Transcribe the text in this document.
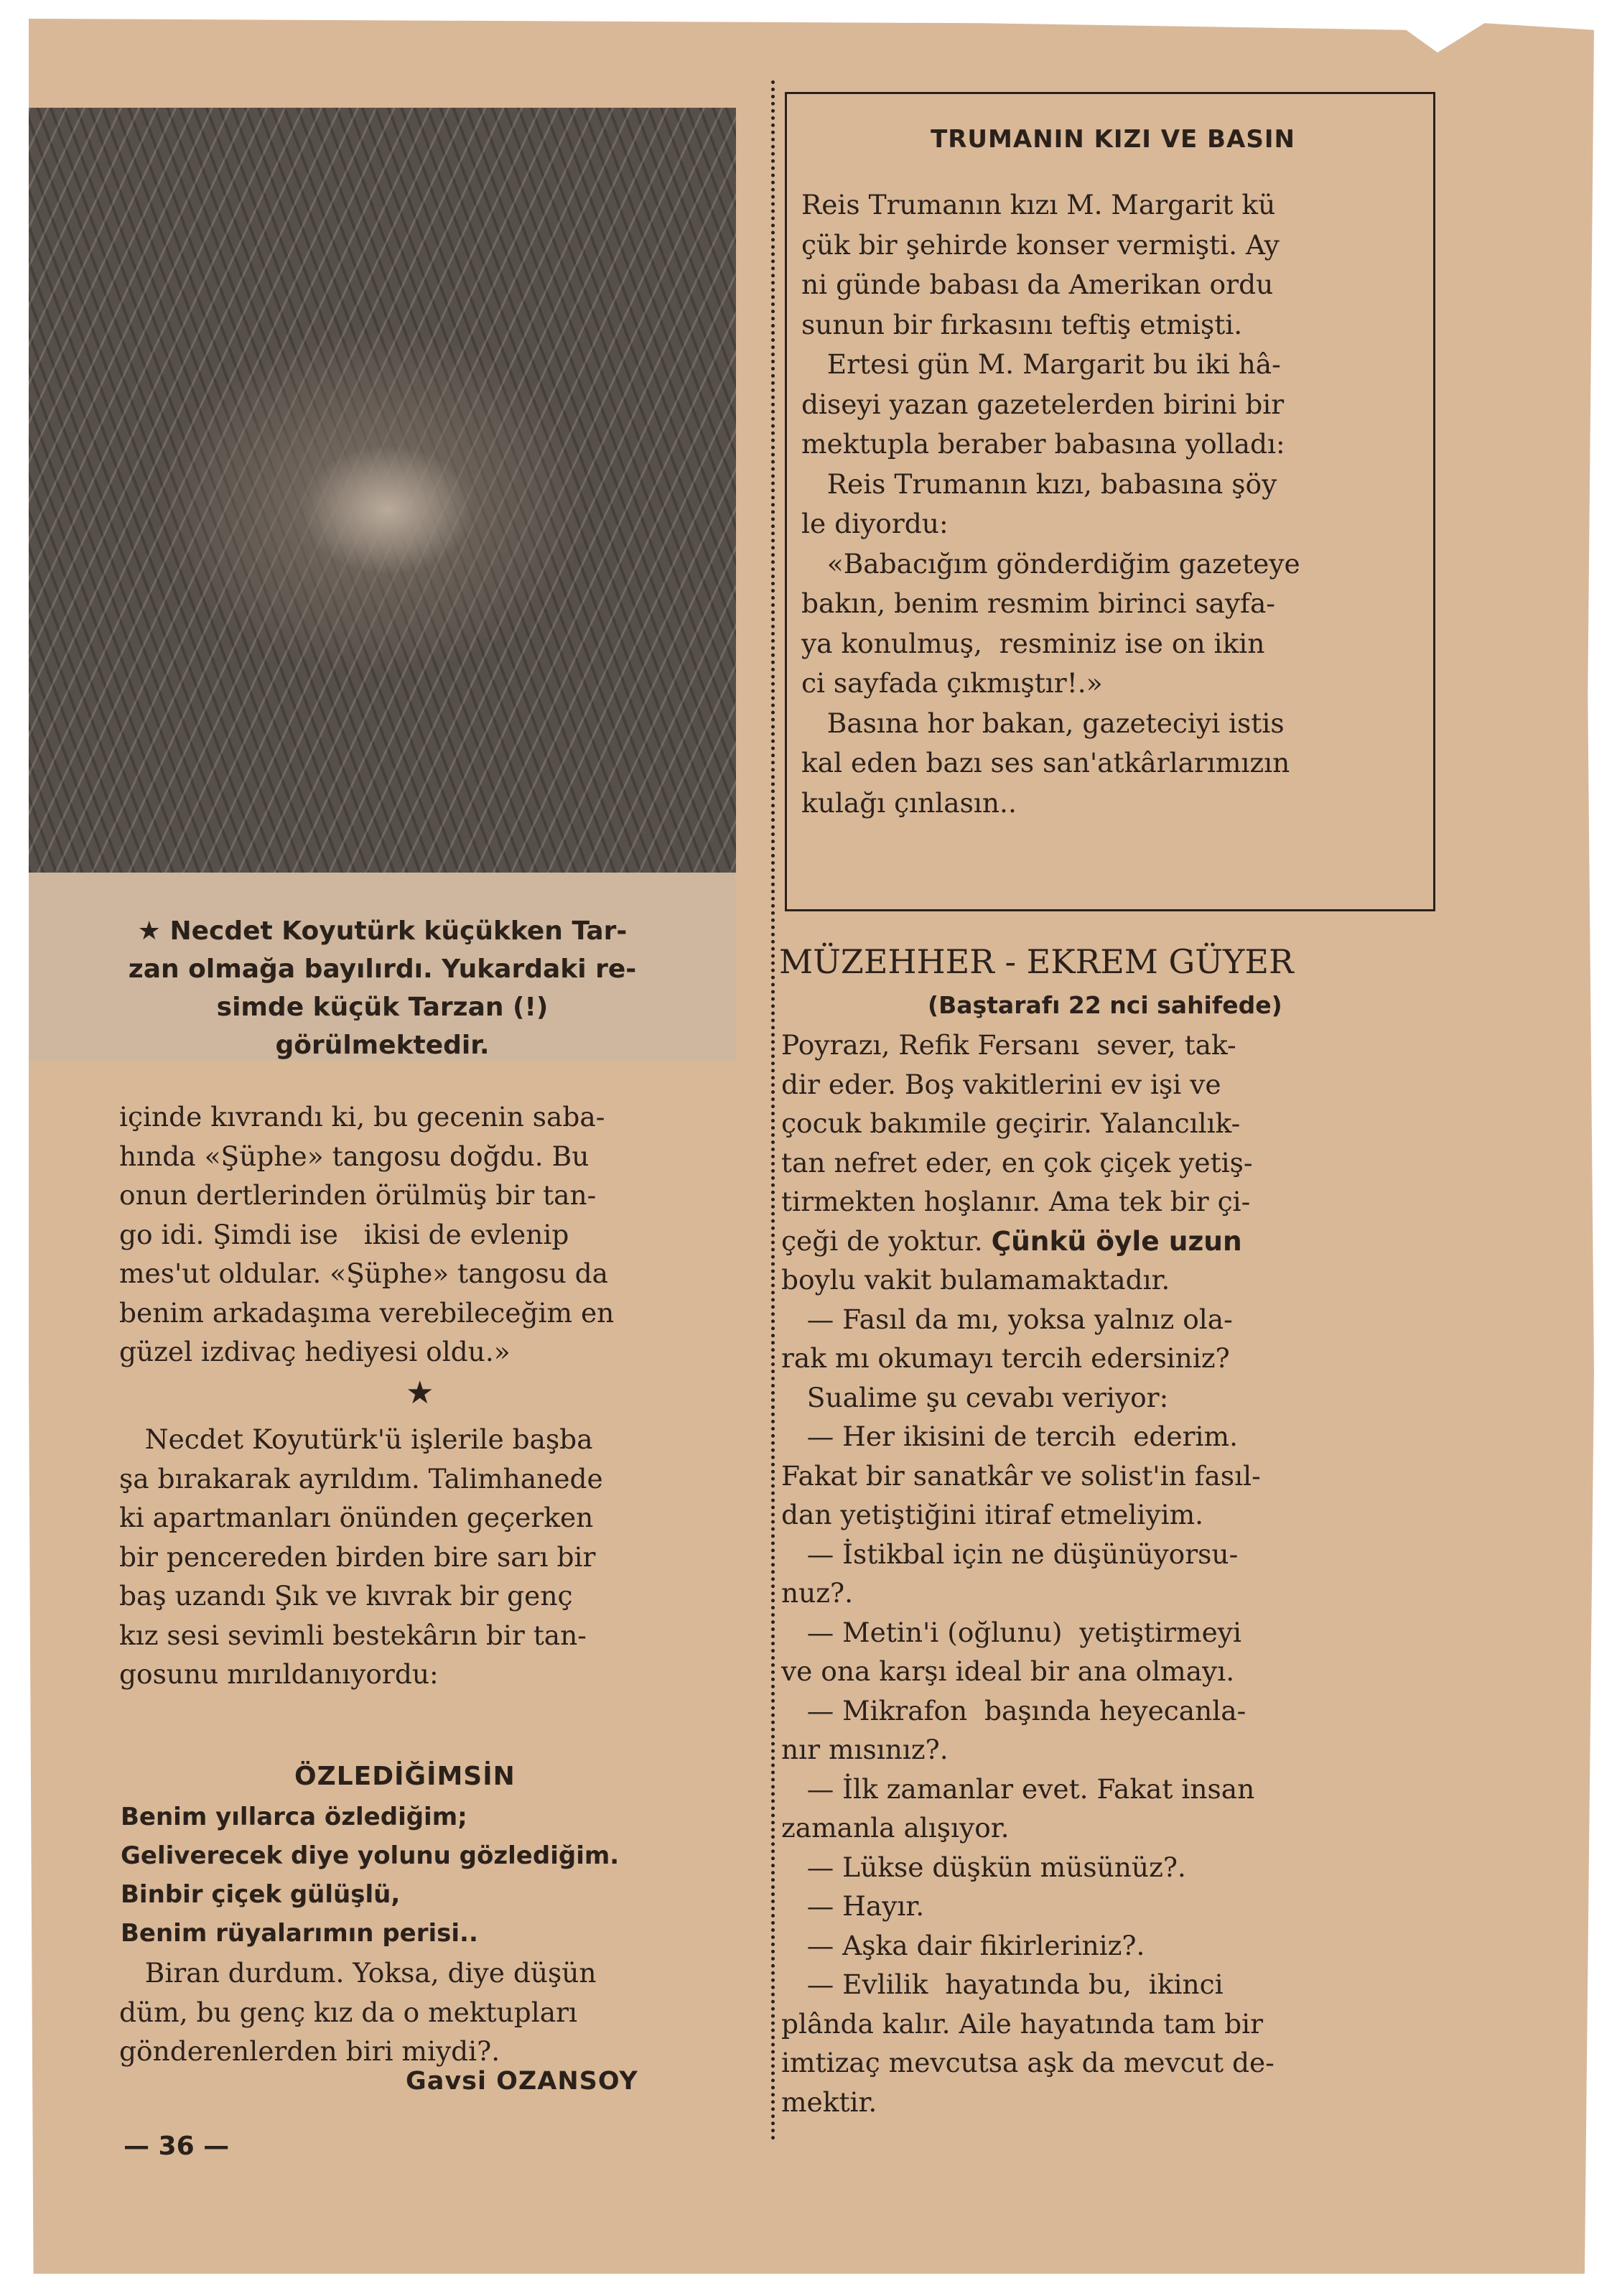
★ Necdet Koyutürk küçükken Tar-
zan olmağa bayılırdı. Yukardaki re-
simde küçük Tarzan (!)
görülmektedir.
içinde kıvrandı ki, bu gecenin saba-
hında «Şüphe» tangosu doğdu. Bu
onun dertlerinden örülmüş bir tan-
go idi. Şimdi ise   ikisi de evlenip
mes'ut oldular. «Şüphe» tangosu da
benim arkadaşıma verebileceğim en
güzel izdivaç hediyesi oldu.»
★
Necdet Koyutürk'ü işlerile başba
şa bırakarak ayrıldım. Talimhanede
ki apartmanları önünden geçerken
bir pencereden birden bire sarı bir
baş uzandı Şık ve kıvrak bir genç
kız sesi sevimli bestekârın bir tan-
gosunu mırıldanıyordu:
ÖZLEDİĞİMSİN
Benim yıllarca özlediğim;
Geliverecek diye yolunu gözlediğim.
Binbir çiçek gülüşlü,
Benim rüyalarımın perisi..
Biran durdum. Yoksa, diye düşün
düm, bu genç kız da o mektupları
gönderenlerden biri miydi?.
Gavsi OZANSOY
— 36 —
TRUMANIN KIZI VE BASIN
Reis Trumanın kızı M. Margarit kü
çük bir şehirde konser vermişti. Ay
ni günde babası da Amerikan ordu
sunun bir fırkasını teftiş etmişti.
Ertesi gün M. Margarit bu iki hâ-
diseyi yazan gazetelerden birini bir
mektupla beraber babasına yolladı:
Reis Trumanın kızı, babasına şöy
le diyordu:
«Babacığım gönderdiğim gazeteye
bakın, benim resmim birinci sayfa-
ya konulmuş,  resminiz ise on ikin
ci sayfada çıkmıştır!.»
Basına hor bakan, gazeteciyi istis
kal eden bazı ses san'atkârlarımızın
kulağı çınlasın..
MÜZEHHER - EKREM GÜYER
(Baştarafı 22 nci sahifede)
Poyrazı, Refik Fersanı  sever, tak-
dir eder. Boş vakitlerini ev işi ve
çocuk bakımile geçirir. Yalancılık-
tan nefret eder, en çok çiçek yetiş-
tirmekten hoşlanır. Ama tek bir çi-
çeği de yoktur. Çünkü öyle uzun
boylu vakit bulamamaktadır.
— Fasıl da mı, yoksa yalnız ola-
rak mı okumayı tercih edersiniz?
Sualime şu cevabı veriyor:
— Her ikisini de tercih  ederim.
Fakat bir sanatkâr ve solist'in fasıl-
dan yetiştiğini itiraf etmeliyim.
— İstikbal için ne düşünüyorsu-
nuz?.
— Metin'i (oğlunu)  yetiştirmeyi
ve ona karşı ideal bir ana olmayı.
— Mikrafon  başında heyecanla-
nır mısınız?.
— İlk zamanlar evet. Fakat insan
zamanla alışıyor.
— Lükse düşkün müsünüz?.
— Hayır.
— Aşka dair fikirleriniz?.
— Evlilik  hayatında bu,  ikinci
plânda kalır. Aile hayatında tam bir
imtizaç mevcutsa aşk da mevcut de-
mektir.
